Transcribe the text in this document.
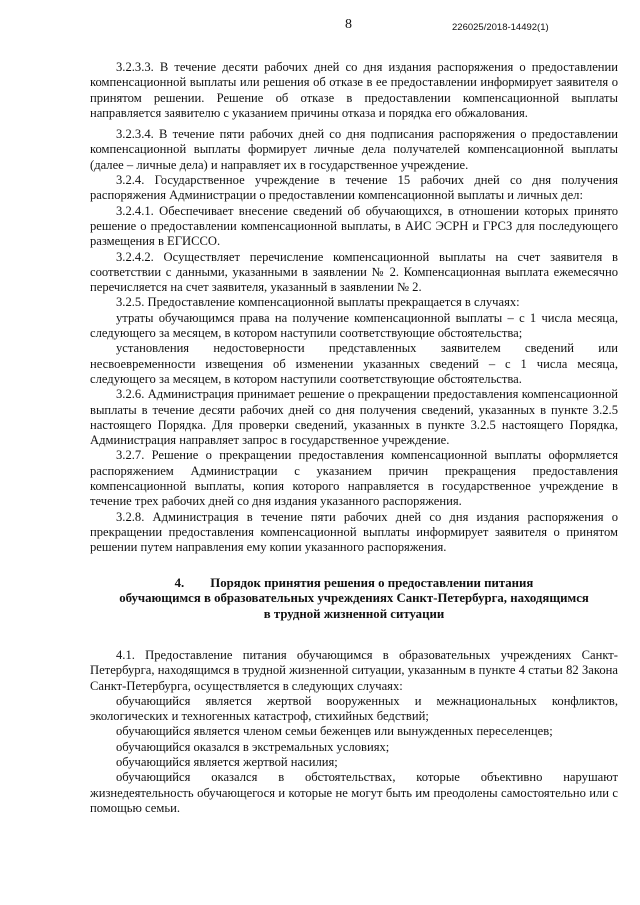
8	226025/2018-14492(1)

3.2.3.3. В течение десяти рабочих дней со дня издания распоряжения о предоставлении компенсационной выплаты или решения об отказе в ее предоставлении информирует заявителя о принятом решении. Решение об отказе в предоставлении компенсационной выплаты направляется заявителю с указанием причины отказа и порядка его обжалования.

3.2.3.4. В течение пяти рабочих дней со дня подписания распоряжения о предоставлении компенсационной выплаты формирует личные дела получателей компенсационной выплаты (далее – личные дела) и направляет их в государственное учреждение.

3.2.4. Государственное учреждение в течение 15 рабочих дней со дня получения распоряжения Администрации о предоставлении компенсационной выплаты и личных дел:

3.2.4.1. Обеспечивает внесение сведений об обучающихся, в отношении которых принято решение о предоставлении компенсационной выплаты, в АИС ЭСРН и ГРСЗ для последующего размещения в ЕГИССО.

3.2.4.2. Осуществляет перечисление компенсационной выплаты на счет заявителя в соответствии с данными, указанными в заявлении № 2. Компенсационная выплата ежемесячно перечисляется на счет заявителя, указанный в заявлении № 2.

3.2.5. Предоставление компенсационной выплаты прекращается в случаях:

утраты обучающимся права на получение компенсационной выплаты – с 1 числа месяца, следующего за месяцем, в котором наступили соответствующие обстоятельства;

установления недостоверности представленных заявителем сведений или несвоевременности извещения об изменении указанных сведений – с 1 числа месяца, следующего за месяцем, в котором наступили соответствующие обстоятельства.

3.2.6. Администрация принимает решение о прекращении предоставления компенсационной выплаты в течение десяти рабочих дней со дня получения сведений, указанных в пункте 3.2.5 настоящего Порядка. Для проверки сведений, указанных в пункте 3.2.5 настоящего Порядка, Администрация направляет запрос в государственное учреждение.

3.2.7. Решение о прекращении предоставления компенсационной выплаты оформляется распоряжением Администрации с указанием причин прекращения предоставления компенсационной выплаты, копия которого направляется в государственное учреждение в течение трех рабочих дней со дня издания указанного распоряжения.

3.2.8. Администрация в течение пяти рабочих дней со дня издания распоряжения о прекращении предоставления компенсационной выплаты информирует заявителя о принятом решении путем направления ему копии указанного распоряжения.

4. Порядок принятия решения о предоставлении питания
обучающимся в образовательных учреждениях Санкт-Петербурга, находящимся
в трудной жизненной ситуации

4.1. Предоставление питания обучающимся в образовательных учреждениях Санкт-Петербурга, находящимся в трудной жизненной ситуации, указанным в пункте 4 статьи 82 Закона Санкт-Петербурга, осуществляется в следующих случаях:

обучающийся является жертвой вооруженных и межнациональных конфликтов, экологических и техногенных катастроф, стихийных бедствий;

обучающийся является членом семьи беженцев или вынужденных переселенцев;

обучающийся оказался в экстремальных условиях;

обучающийся является жертвой насилия;

обучающийся оказался в обстоятельствах, которые объективно нарушают жизнедеятельность обучающегося и которые не могут быть им преодолены самостоятельно или с помощью семьи.
